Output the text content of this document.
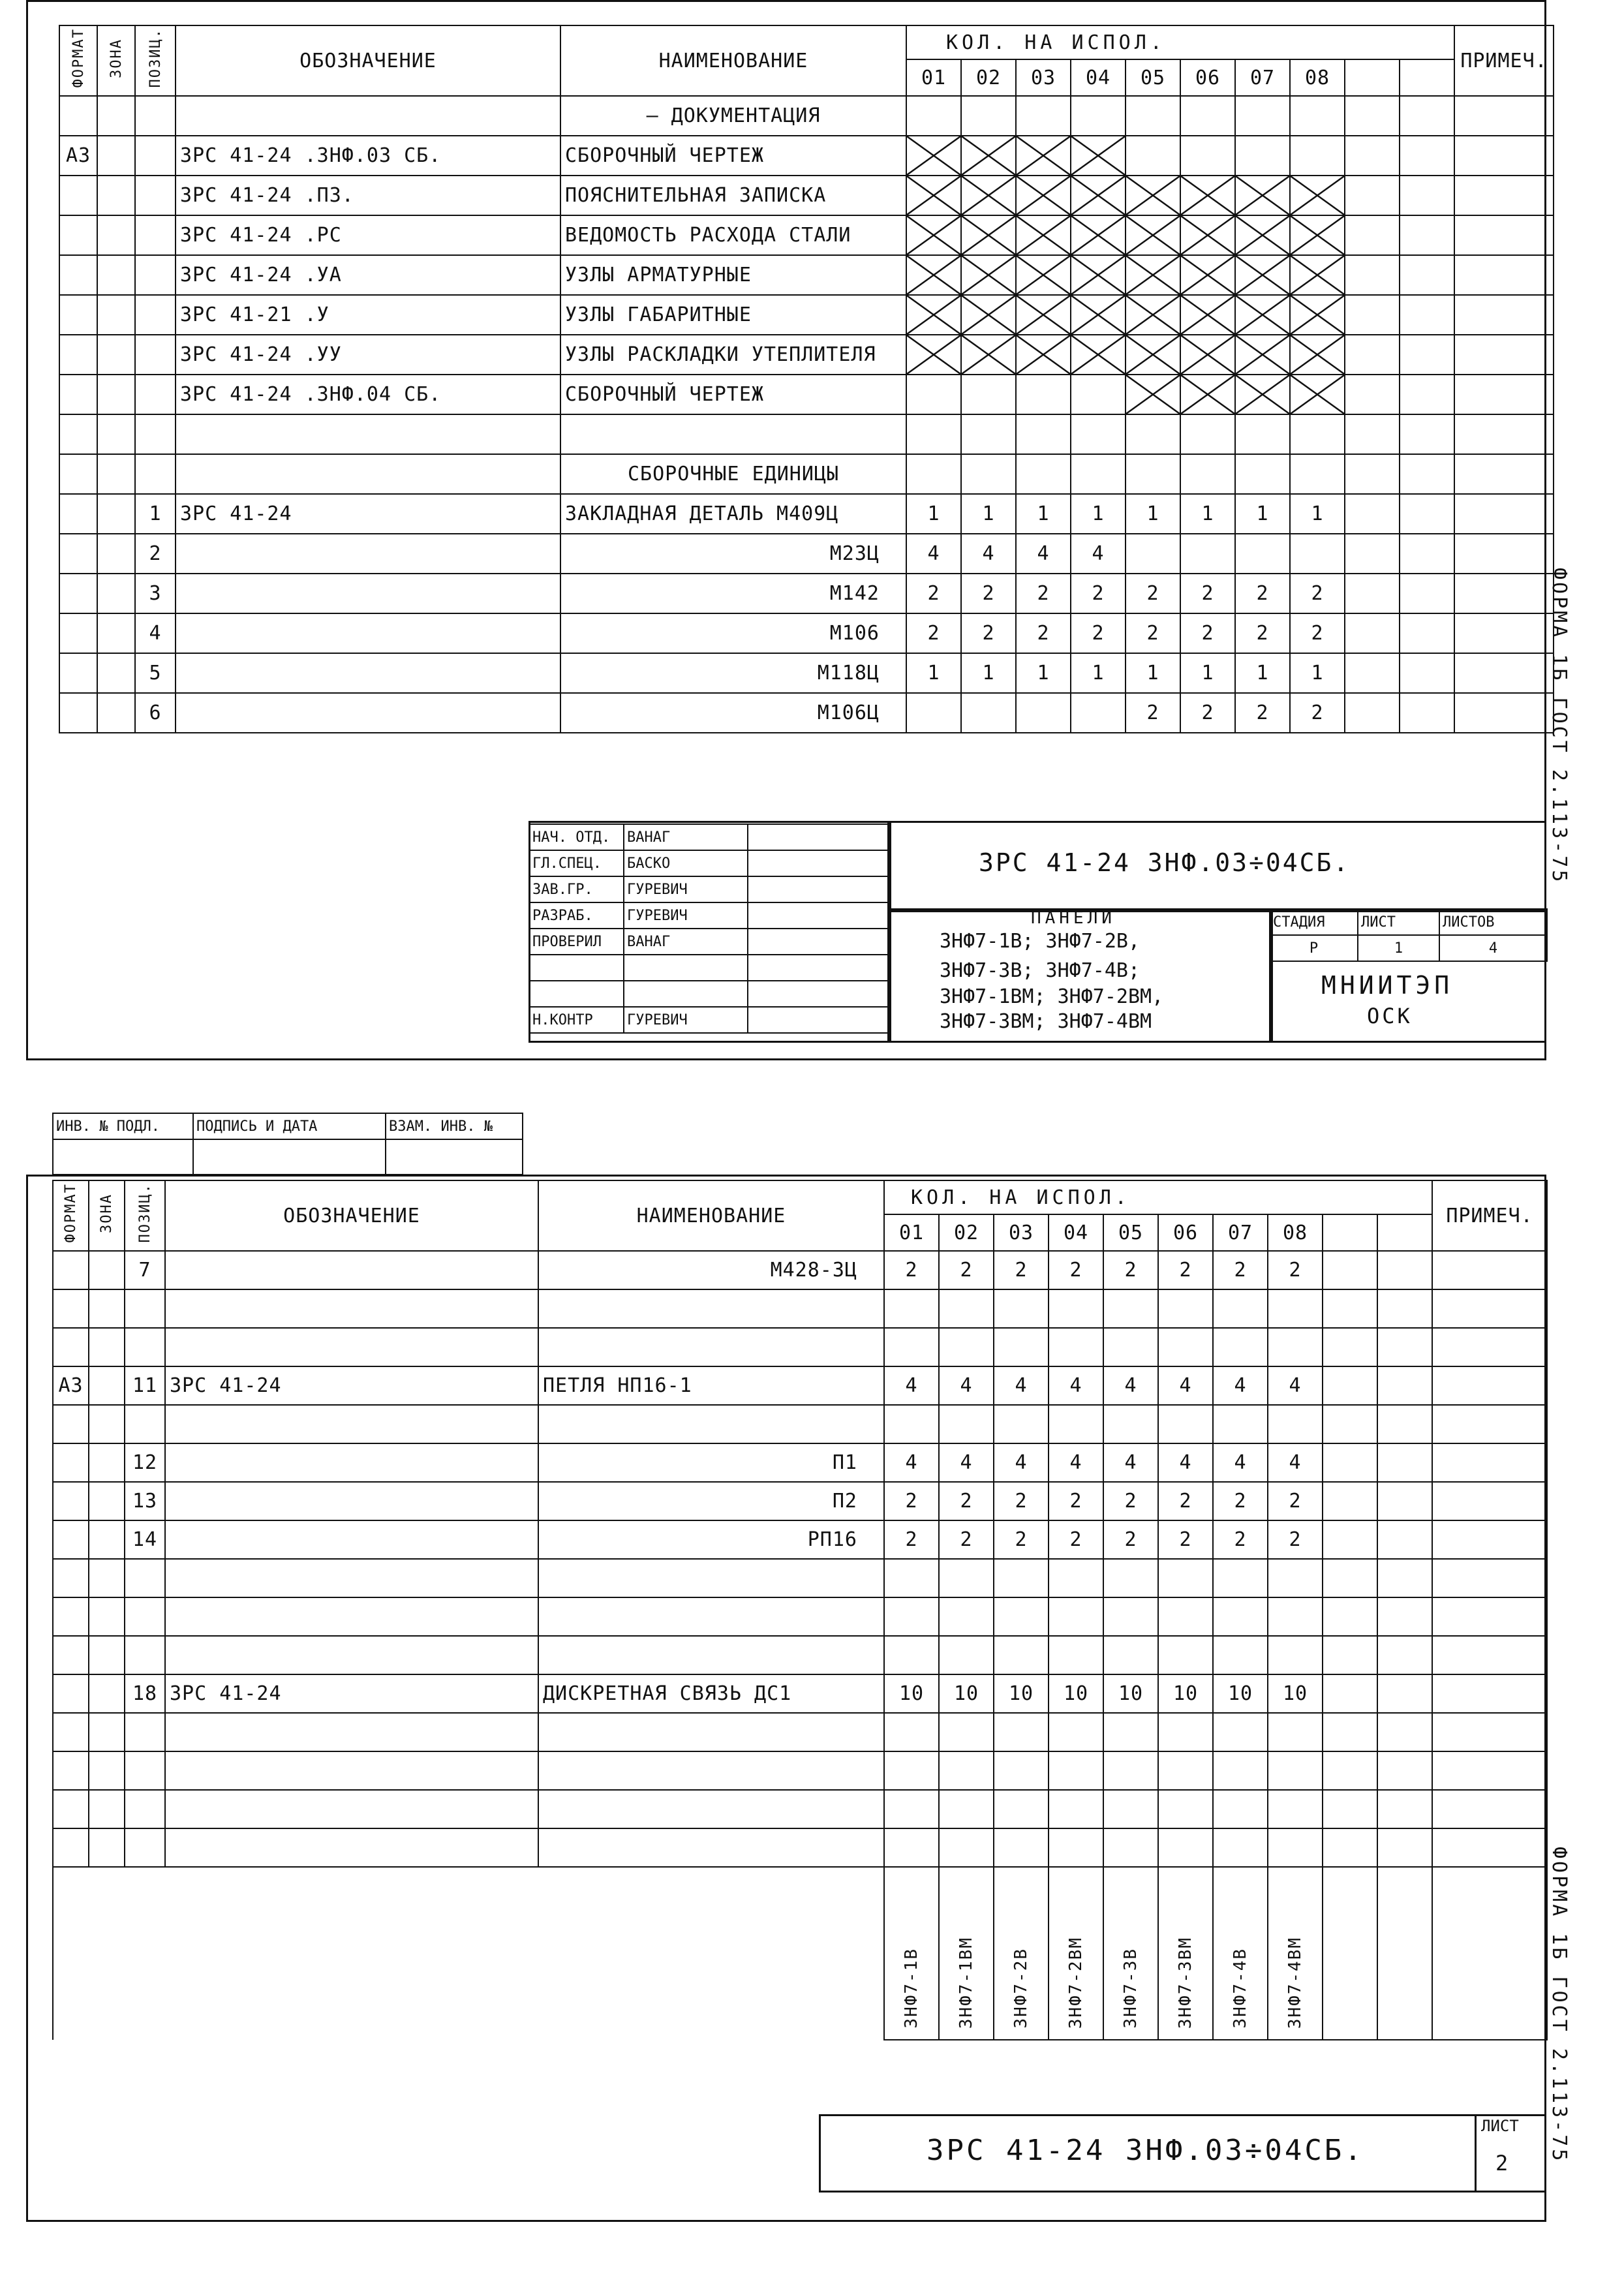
ФОРМАТ	ЗОНА	ПОЗИЦ.	ОБОЗНАЧЕНИЕ	НАИМЕНОВАНИЕ	КОЛ. НА ИСПОЛ.										ПРИМЕЧ.
					01	02	03	04	05	06	07	08			
				– ДОКУМЕНТАЦИЯ											
А3			3РС 41-24 .3НФ.03 СБ.	СБОРОЧНЫЙ ЧЕРТЕЖ											
			3РС 41-24 .П3.	ПОЯСНИТЕЛЬНАЯ ЗАПИСКА											
			3РС 41-24 .РС	ВЕДОМОСТЬ РАСХОДА СТАЛИ											
			3РС 41-24 .УА	УЗЛЫ АРМАТУРНЫЕ											
			3РС 41-21 .У	УЗЛЫ ГАБАРИТНЫЕ											
			3РС 41-24 .УУ	УЗЛЫ РАСКЛАДКИ УТЕПЛИТЕЛЯ											
			3РС 41-24 .3НФ.04 СБ.	СБОРОЧНЫЙ ЧЕРТЕЖ											

				СБОРОЧНЫЕ ЕДИНИЦЫ											
		1	3РС 41-24	ЗАКЛАДНАЯ ДЕТАЛЬ М409Ц	1	1	1	1	1	1	1	1			
		2		М23Ц	4	4	4	4							
		3		М142	2	2	2	2	2	2	2	2			
		4		М106	2	2	2	2	2	2	2	2			
		5		М118Ц	1	1	1	1	1	1	1	1			
		6		М106Ц					2	2	2	2				ФОРМА 1Б ГОСТ 2.113-75
НАЧ. ОТД.	ВАНАГ	
ГЛ.СПЕЦ.	БАСКО	
ЗАВ.ГР.	ГУРЕВИЧ	
РАЗРАБ.	ГУРЕВИЧ	
ПРОВЕРИЛ	ВАНАГ	

Н.КОНТР	ГУРЕВИЧ	
3РС 41-24 3НФ.03÷04СБ.
ПАНЕЛИ
3НФ7-1В; 3НФ7-2В,
3НФ7-3В; 3НФ7-4В;
3НФ7-1ВМ; 3НФ7-2ВМ,
3НФ7-3ВМ; 3НФ7-4ВМ
СТАДИЯ	ЛИСТ	ЛИСТОВ
Р	1	4
МНИИТЭП
ОСК
ИНВ. № ПОДЛ.	ПОДПИСЬ И ДАТА	ВЗАМ. ИНВ. №

ФОРМАТ	ЗОНА	ПОЗИЦ.	ОБОЗНАЧЕНИЕ	НАИМЕНОВАНИЕ	КОЛ. НА ИСПОЛ.										ПРИМЕЧ.
					01	02	03	04	05	06	07	08			
		7		М428-3Ц	2	2	2	2	2	2	2	2			

А3		11	3РС 41-24	ПЕТЛЯ НП16-1	4	4	4	4	4	4	4	4			

		12		П1	4	4	4	4	4	4	4	4			
		13		П2	2	2	2	2	2	2	2	2			
		14		РП16	2	2	2	2	2	2	2	2			

		18	3РС 41-24	ДИСКРЕТНАЯ СВЯЗЬ ДС1	10	10	10	10	10	10	10	10			

					3НФ7-1В	3НФ7-1ВМ	3НФ7-2В	3НФ7-2ВМ	3НФ7-3В	3НФ7-3ВМ	3НФ7-4В	3НФ7-4ВМ				ФОРМА 1Б ГОСТ 2.113-75
3РС 41-24 3НФ.03÷04СБ.
ЛИСТ
2
